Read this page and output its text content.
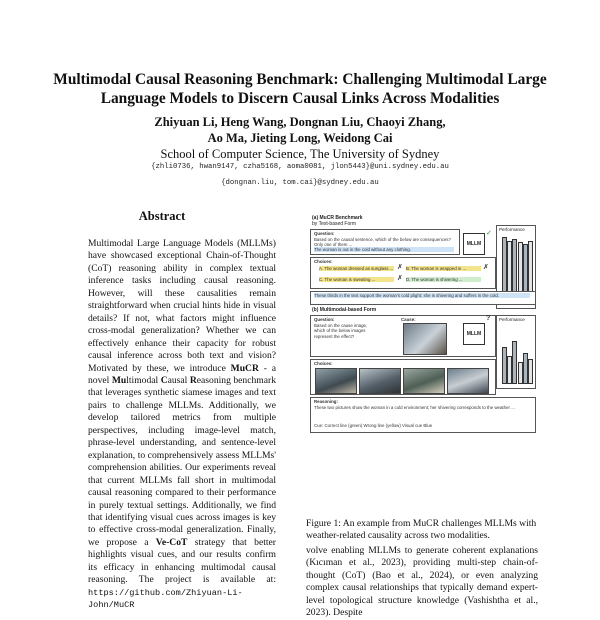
Multimodal Causal Reasoning Benchmark: Challenging Multimodal Large
Language Models to Discern Causal Links Across Modalities
Zhiyuan Li, Heng Wang, Dongnan Liu, Chaoyi Zhang,
Ao Ma, Jieting Long, Weidong Cai
School of Computer Science, The University of Sydney
{zhli0736, hwan9147, czha5168, aoma0081, jlon5443}@uni.sydney.edu.au
{dongnan.liu, tom.cai}@sydney.edu.au
Abstract

Multimodal Large Language Models (MLLMs) have showcased exceptional Chain-of-Thought (CoT) reasoning ability in complex textual inference tasks including causal reasoning. However, will these causalities remain straightforward when crucial hints hide in visual details? If not, what factors might influence cross-modal generalization? Whether we can effectively enhance their capacity for robust causal inference across both text and vision? Motivated by these, we introduce MuCR - a novel Multimodal Causal Reasoning benchmark that leverages synthetic siamese images and text pairs to challenge MLLMs. Additionally, we develop tailored metrics from multiple perspectives, including image-level match, phrase-level understanding, and sentence-level explanation, to comprehensively assess MLLMs' comprehension abilities. Our experiments reveal that current MLLMs fall short in multimodal causal reasoning compared to their performance in purely textual settings. Additionally, we find that identifying visual cues across images is key to effective cross-modal generalization. Finally, we propose a Ve-CoT strategy that better highlights visual cues, and our results confirm its efficacy in enhancing multimodal causal reasoning. The project is available at: https://github.com/Zhiyuan-Li-John/MuCR

(a) MuCR Benchmark
by Text-based Form
Question:
Based on the causal sentence, which of the below are consequences? Only one of them ...
The woman is out in the cold without any clothing.
MLLM
✓
Performance
Choices:
A. The woman dressed as sunglass ...	B. The woman is wrapped in ...
C. The woman is sweating ...	D. The woman is shivering ...
✗	✗
✗
These thirds in the text support the woman's cold plight; she is shivering and suffers in the cold.
(b) Multimodal-based Form
Question:
Based on the cause image, which of the below images represent the effect?
Cause:
MLLM
? Performance
Choices:
Reasoning:
These two pictures show the woman in a cold environment; her shivering corresponds to the weather ...
Cue: Correct line (green) Wrong line (yellow) Visual cue Blue

Figure 1: An example from MuCR challenges MLLMs with weather-related causality across two modalities.

volve enabling MLLMs to generate coherent explanations (Kıcıman et al., 2023), providing multi-step chain-of-thought (CoT) (Bao et al., 2024), or even analyzing complex causal relationships that typically demand expert-level topological structure knowledge (Vashishtha et al., 2023). Despite
